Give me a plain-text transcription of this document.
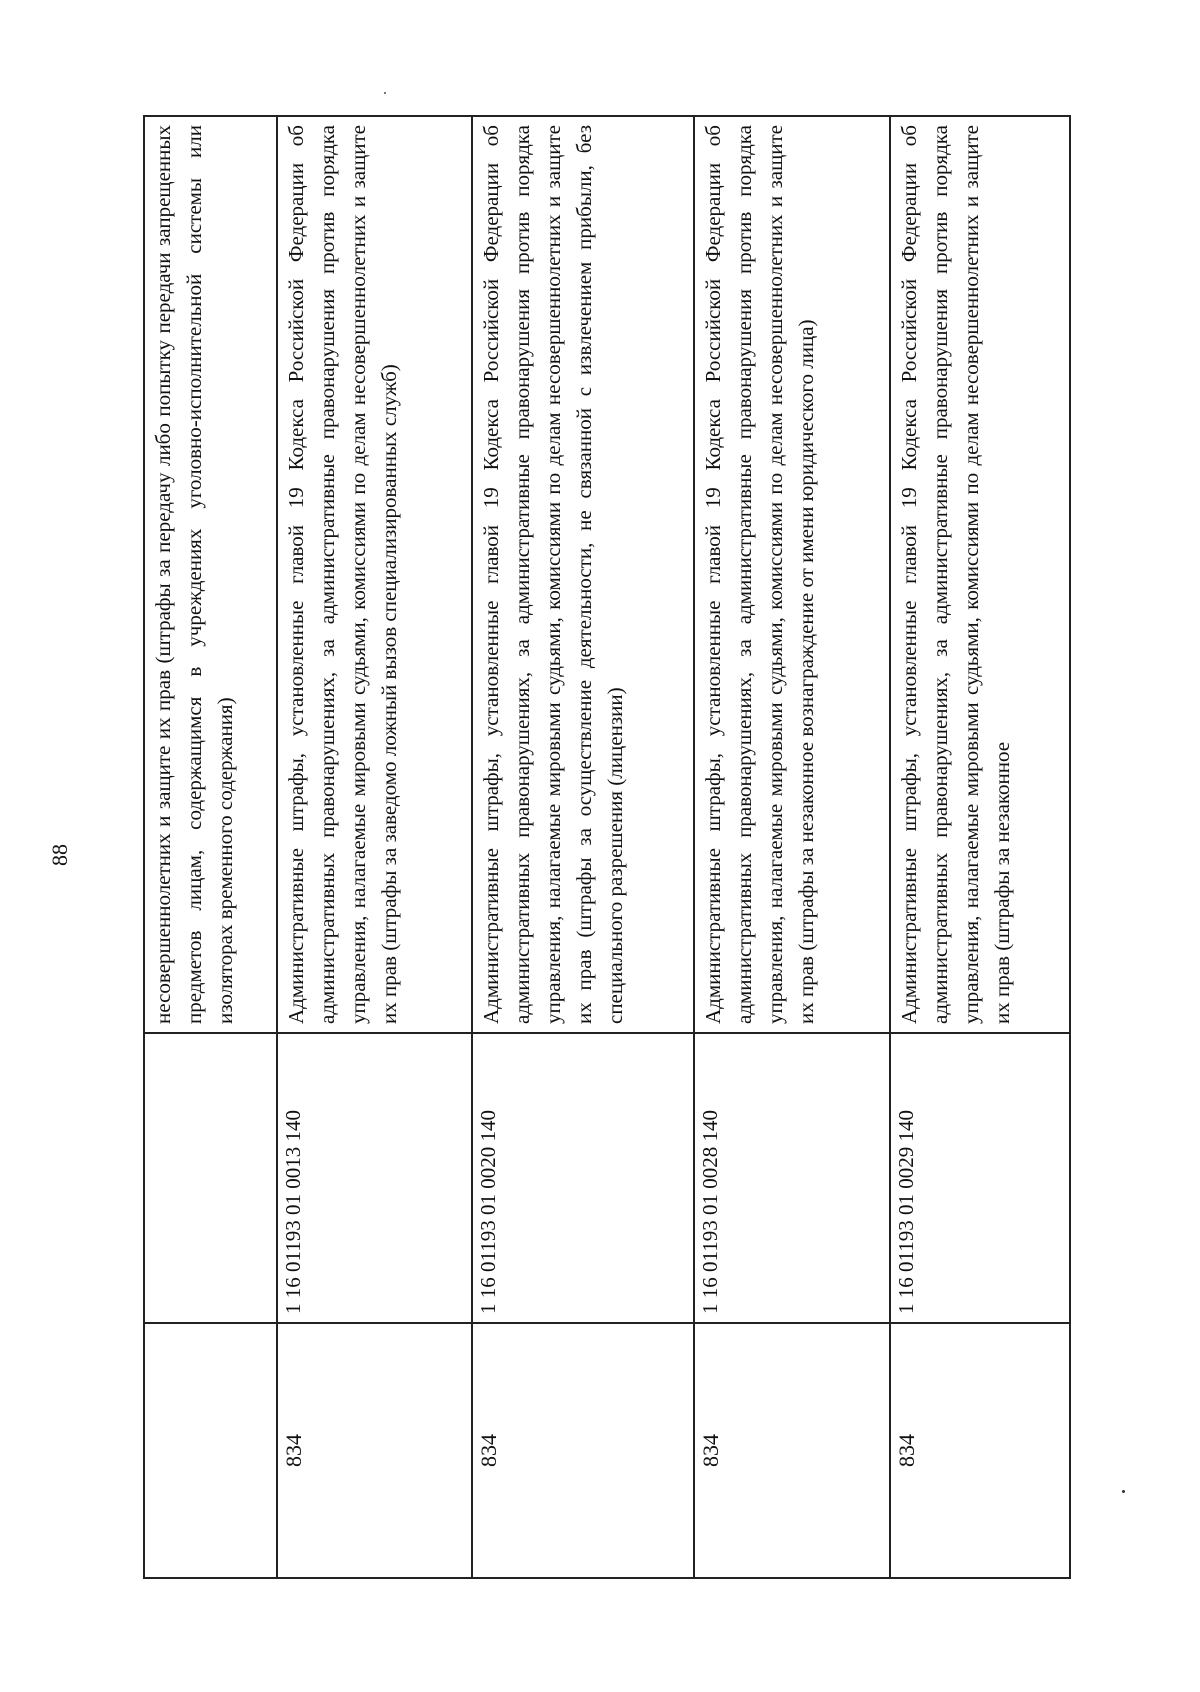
88
			несовершеннолетних и защите их прав (штрафы за передачу либо попытку передачи запрещенных предметов лицам, содержащимся в учреждениях уголовно-исполнительной системы или изоляторах временного содержания)
834	1 16 01193 01 0013 140	Административные штрафы, установленные главой 19 Кодекса Российской Федерации об административных правонарушениях, за административные правонарушения против порядка управления, налагаемые мировыми судьями, комиссиями по делам несовершеннолетних и защите их прав (штрафы за заведомо ложный вызов специализированных служб)
834	1 16 01193 01 0020 140	Административные штрафы, установленные главой 19 Кодекса Российской Федерации об административных правонарушениях, за административные правонарушения против порядка управления, налагаемые мировыми судьями, комиссиями по делам несовершеннолетних и защите их прав (штрафы за осуществление деятельности, не связанной с извлечением прибыли, без специального разрешения (лицензии)
834	1 16 01193 01 0028 140	Административные штрафы, установленные главой 19 Кодекса Российской Федерации об административных правонарушениях, за административные правонарушения против порядка управления, налагаемые мировыми судьями, комиссиями по делам несовершеннолетних и защите их прав (штрафы за незаконное вознаграждение от имени юридического лица)
834	1 16 01193 01 0029 140	Административные штрафы, установленные главой 19 Кодекса Российской Федерации об административных правонарушениях, за административные правонарушения против порядка управления, налагаемые мировыми судьями, комиссиями по делам несовершеннолетних и защите их прав (штрафы за незаконное
